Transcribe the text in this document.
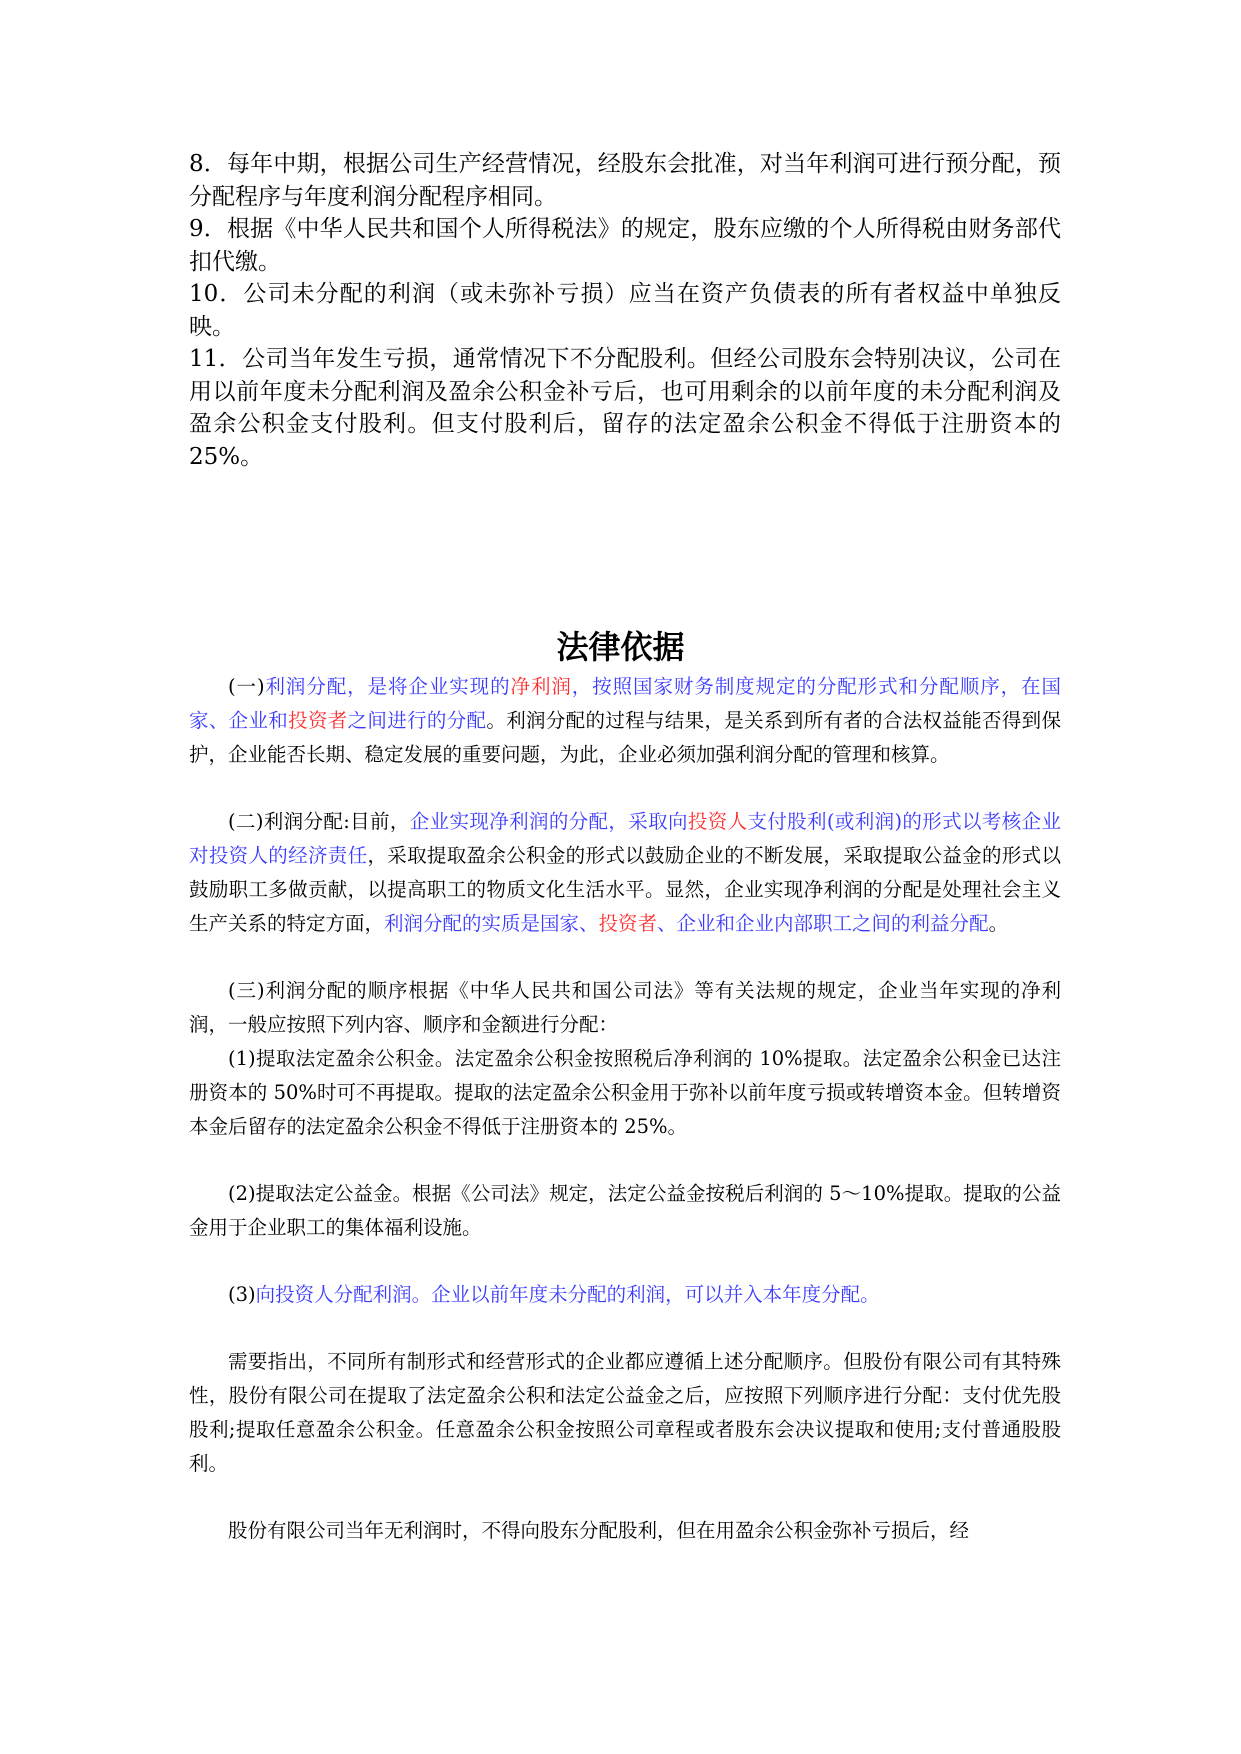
8．每年中期，根据公司生产经营情况，经股东会批准，对当年利润可进行预分配，预分配程序与年度利润分配程序相同。

9．根据《中华人民共和国个人所得税法》的规定，股东应缴的个人所得税由财务部代扣代缴。

10．公司未分配的利润（或未弥补亏损）应当在资产负债表的所有者权益中单独反映。

11．公司当年发生亏损，通常情况下不分配股利。但经公司股东会特别决议，公司在用以前年度未分配利润及盈余公积金补亏后，也可用剩余的以前年度的未分配利润及盈余公积金支付股利。但支付股利后，留存的法定盈余公积金不得低于注册资本的 25%。

法律依据

(一)利润分配，是将企业实现的净利润，按照国家财务制度规定的分配形式和分配顺序，在国家、企业和投资者之间进行的分配。利润分配的过程与结果，是关系到所有者的合法权益能否得到保护，企业能否长期、稳定发展的重要问题，为此，企业必须加强利润分配的管理和核算。

(二)利润分配:目前，企业实现净利润的分配，采取向投资人支付股利(或利润)的形式以考核企业对投资人的经济责任，采取提取盈余公积金的形式以鼓励企业的不断发展，采取提取公益金的形式以鼓励职工多做贡献，以提高职工的物质文化生活水平。显然，企业实现净利润的分配是处理社会主义生产关系的特定方面，利润分配的实质是国家、投资者、企业和企业内部职工之间的利益分配。

(三)利润分配的顺序根据《中华人民共和国公司法》等有关法规的规定，企业当年实现的净利润，一般应按照下列内容、顺序和金额进行分配：

(1)提取法定盈余公积金。法定盈余公积金按照税后净利润的 10%提取。法定盈余公积金已达注册资本的 50%时可不再提取。提取的法定盈余公积金用于弥补以前年度亏损或转增资本金。但转增资本金后留存的法定盈余公积金不得低于注册资本的 25%。

(2)提取法定公益金。根据《公司法》规定，法定公益金按税后利润的 5～10%提取。提取的公益金用于企业职工的集体福利设施。

(3)向投资人分配利润。企业以前年度未分配的利润，可以并入本年度分配。

需要指出，不同所有制形式和经营形式的企业都应遵循上述分配顺序。但股份有限公司有其特殊性，股份有限公司在提取了法定盈余公积和法定公益金之后，应按照下列顺序进行分配：支付优先股股利;提取任意盈余公积金。任意盈余公积金按照公司章程或者股东会决议提取和使用;支付普通股股利。

股份有限公司当年无利润时，不得向股东分配股利，但在用盈余公积金弥补亏损后，经
